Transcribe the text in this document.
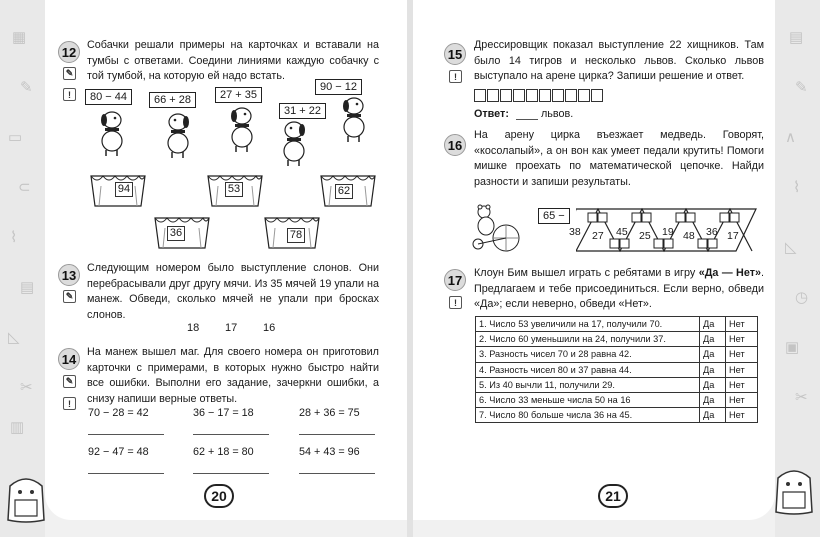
▦
✎
▭
⊂
⌇
▤
◺
✂
▥
▤
✎
∧
⌇
◺
◷
▣
✂
12
✎
!
Собачки решали примеры на карточках и вставали на тумбы с ответами. Соедини линиями каждую собачку с той тумбой, на которую ей надо встать.
80 − 44	66 + 28	27 + 35
31 + 22
90 − 12
94	53	62
36	78
13
✎
Следующим номером было выступление слонов. Они перебрасывали друг другу мячи. Из 35 мячей 19 упали на манеж. Обведи, сколько мячей не упали при бросках слонов.
18 17 16
14
✎
!
На манеж вышел маг. Для своего номера он приготовил карточки с примерами, в которых нужно быстро найти все ошибки. Выполни его задание, зачеркни ошибки, а снизу напиши верные ответы.
70 − 28 = 42	36 − 17 = 18	28 + 36 = 75
92 − 47 = 48	62 + 18 = 80	54 + 43 = 96
20
15
!
Дрессировщик показал выступление 22 хищников. Там было 14 тигров и несколько львов. Сколько львов выступало на арене цирка? Запиши решение и ответ.
Ответ:	львов.
16
На арену цирка въезжает медведь. Говорят, «косолапый», а он вон как умеет педали крутить! Помоги мишке проехать по математической цепочке. Найди разности и запиши результаты.
65 −
38 27 45 25 19 48 36 17
17
!
Клоун Бим вышел играть с ребятами в игру «Да — Нет». Предлагаем и тебе присоединиться. Если верно, обведи «Да»; если неверно, обведи «Нет».
1. Число 53 увеличили на 17, получили 70.	Да	Нет
2. Число 60 уменьшили на 24, получили 37.	Да	Нет
3. Разность чисел 70 и 28 равна 42.	Да	Нет
4. Разность чисел 80 и 37 равна 44.	Да	Нет
5. Из 40 вычли 11, получили 29.	Да	Нет
6. Число 33 меньше числа 50 на 16	Да	Нет
7. Число 80 больше числа 36 на 45.	Да	Нет
21
